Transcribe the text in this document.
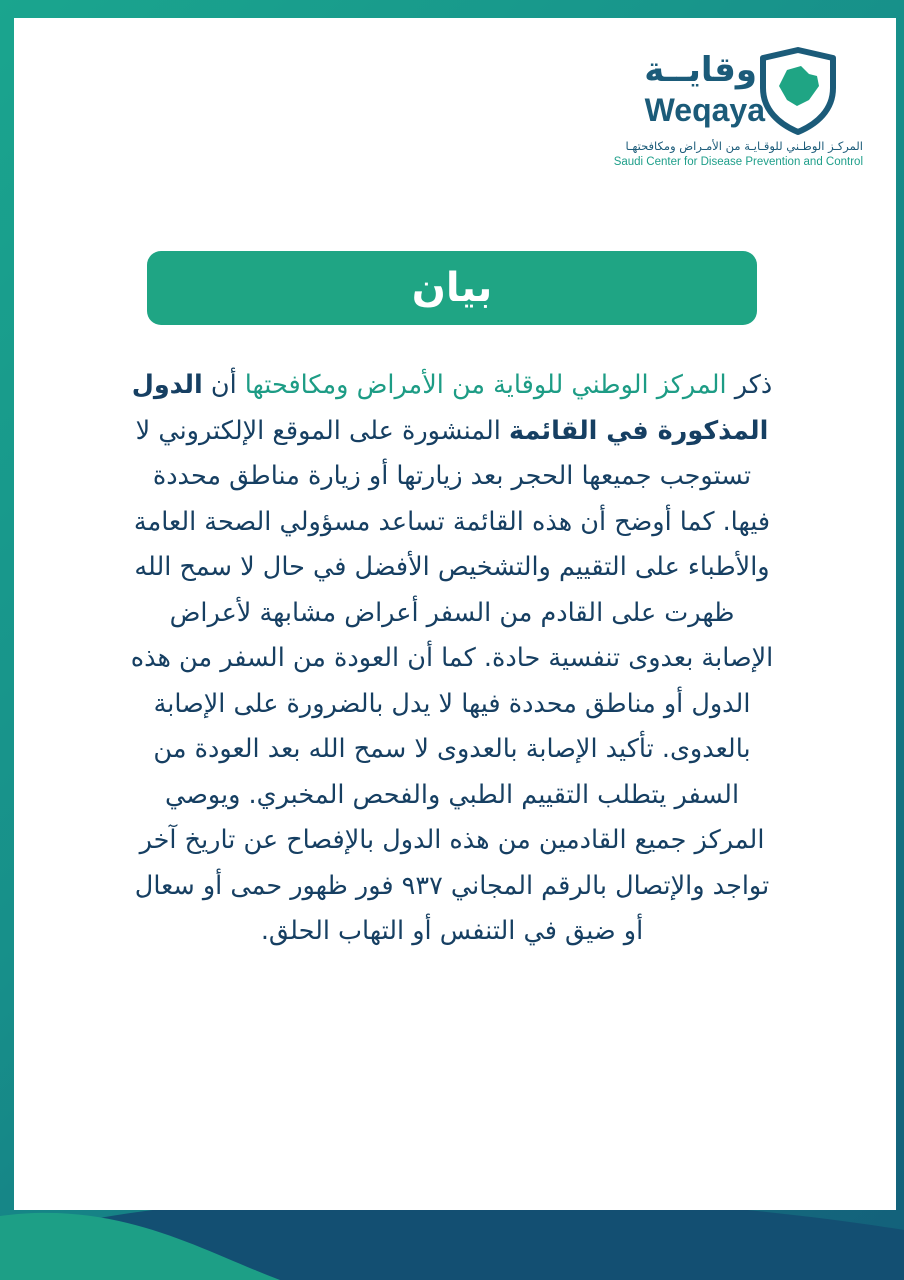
وقايــة
Weqaya
المركـز الوطـني للوقـايـة من الأمـراض ومكافحتهـا
Saudi Center for Disease Prevention and Control
بيان

ذكر المركز الوطني للوقاية من الأمراض ومكافحتها أن الدول المذكورة في القائمة المنشورة على الموقع الإلكتروني لا تستوجب جميعها الحجر بعد زيارتها أو زيارة مناطق محددة فيها. كما أوضح أن هذه القائمة تساعد مسؤولي الصحة العامة والأطباء على التقييم والتشخيص الأفضل في حال لا سمح الله ظهرت على القادم من السفر أعراض مشابهة لأعراض الإصابة بعدوى تنفسية حادة. كما أن العودة من السفر من هذه الدول أو مناطق محددة فيها لا يدل بالضرورة على الإصابة بالعدوى. تأكيد الإصابة بالعدوى لا سمح الله بعد العودة من السفر يتطلب التقييم الطبي والفحص المخبري. ويوصي المركز جميع القادمين من هذه الدول بالإفصاح عن تاريخ آخر تواجد والإتصال بالرقم المجاني ٩٣٧ فور ظهور حمى أو سعال أو ضيق في التنفس أو التهاب الحلق.
